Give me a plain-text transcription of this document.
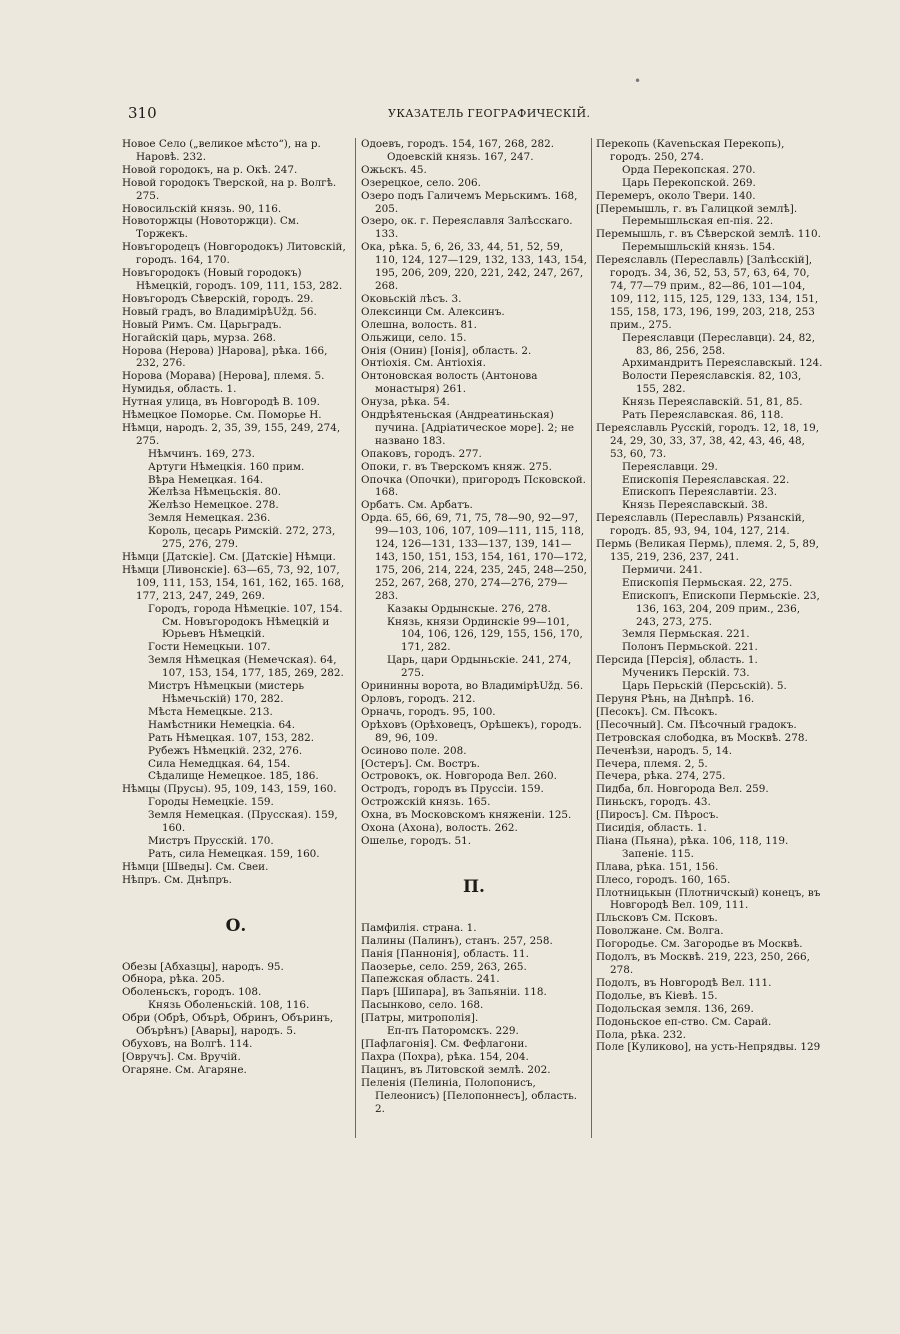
•
310	УКАЗАТЕЛЬ ГЕОГРАФИЧЕСКІЙ.

Новое Село („великое мѣсто“), на р. Наровѣ. 232.

Новой городокъ, на р. Окѣ. 247.

Новой городокъ Тверской, на р. Волгѣ. 275.

Новосильскій князь. 90, 116.

Новоторжцы (Новоторжци). См. Торжекъ.

Новъгородецъ (Новгородокъ) Литовскій, городъ. 164, 170.

Новъгородокъ (Новый городокъ) Нѣмецкій, городъ. 109, 111, 153, 282.

Новъгородъ Сѣверскій, городъ. 29.

Новый градъ, во ВладимірѣUžд. 56.

Новый Римъ. См. Царьградъ.

Ногайскій царь, мурза. 268.

Норова (Нерова) ]Нарова], рѣка. 166, 232, 276.

Норова (Морава) [Нерова], племя. 5.

Нумидья, область. 1.

Нутная улица, въ Новгородѣ В. 109.

Нѣмецкое Поморье. См. Поморье Н.

Нѣмци, народъ. 2, 35, 39, 155, 249, 274, 275.

Нѣмчинъ. 169, 273.

Артуги Нѣмецкія. 160 прим.

Вѣра Немецкая. 164.

Желѣза Нѣмецьскія. 80.

Желѣзо Немецкое. 278.

Земля Немецкая. 236.

Король, цесарь Римскій. 272, 273, 275, 276, 279.

Нѣмци [Датскіе]. См. [Датскіе] Нѣмци.

Нѣмци [Ливонскіе]. 63—65, 73, 92, 107, 109, 111, 153, 154, 161, 162, 165. 168, 177, 213, 247, 249, 269.

Городъ, города Нѣмецкіе. 107, 154. См. Новъгородокъ Нѣмецкій и Юрьевъ Нѣмецкій.

Гости Немецкыи. 107.

Земля Нѣмецкая (Немечская). 64, 107, 153, 154, 177, 185, 269, 282.

Мистръ Нѣмецкыи (мистерь Нѣмечьскій) 170, 282.

Мѣста Немецкые. 213.

Намѣстники Немецкіа. 64.

Рать Нѣмецкая. 107, 153, 282.

Рубежъ Нѣмецкій. 232, 276.

Сила Немедцкая. 64, 154.

Сѣдалище Немецкое. 185, 186.

Нѣмцы (Прусы). 95, 109, 143, 159, 160.

Городы Немецкіе. 159.

Земля Немецкая. (Прусская). 159, 160.

Мистръ Прусскій. 170.

Рать, сила Немецкая. 159, 160.

Нѣмци [Шведы]. См. Свеи.

Нѣпръ. См. Днѣпръ.

О.

Обезы [Абхазцы], народъ. 95.

Обнора, рѣка. 205.

Оболеньскъ, городъ. 108.

Князь Оболеньскій. 108, 116.

Обри (Обрѣ, Обърѣ, Обринъ, Объринъ, Обърѣнъ) [Авары], народъ. 5.

Обуховъ, на Волгѣ. 114.

[Овручъ]. См. Вручій.

Огаряне. См. Агаряне.

Одоевъ, городъ. 154, 167, 268, 282.

Одоевскій князь. 167, 247.

Ожьскъ. 45.

Озерецкое, село. 206.

Озеро подъ Галичемъ Мерьскимъ. 168, 205.

Озеро, ок. г. Переяславля Залѣсскаго. 133.

Ока, рѣка. 5, 6, 26, 33, 44, 51, 52, 59, 110, 124, 127—129, 132, 133, 143, 154, 195, 206, 209, 220, 221, 242, 247, 267, 268.

Оковьскій лѣсъ. 3.

Олексинци См. Алексинъ.

Олешна, волость. 81.

Ольжици, село. 15.

Онія (Онин) [Іонія], область. 2.

Онтіохія. См. Антіохія.

Онтоновская волость (Антонова монастыря) 261.

Онуза, рѣка. 54.

Ондрѣятеньская (Андреатиньская) пучина. [Адріатическое море]. 2; не названо 183.

Опаковъ, городъ. 277.

Опоки, г. въ Тверскомъ княж. 275.

Опочка (Опочки), пригородъ Псковской. 168.

Орбатъ. См. Арбатъ.

Орда. 65, 66, 69, 71, 75, 78—90, 92—97, 99—103, 106, 107, 109—111, 115, 118, 124, 126—131, 133—137, 139, 141—143, 150, 151, 153, 154, 161, 170—172, 175, 206, 214, 224, 235, 245, 248—250, 252, 267, 268, 270, 274—276, 279—283.

Казакы Ордынскые. 276, 278.

Князь, князи Ординскіе 99—101, 104, 106, 126, 129, 155, 156, 170, 171, 282.

Царь, цари Ордыньскіе. 241, 274, 275.

Орининны ворота, во ВладимірѣUžд. 56.

Орловъ, городъ. 212.

Орначь, городъ. 95, 100.

Орѣховъ (Орѣховецъ, Орѣшекъ), городъ. 89, 96, 109.

Осиново поле. 208.

[Остеръ]. См. Востръ.

Островокъ, ок. Новгорода Вел. 260.

Остродъ, городъ въ Пруссіи. 159.

Острожскій князь. 165.

Охна, въ Московскомъ княженіи. 125.

Охона (Ахона), волость. 262.

Ошелье, городъ. 51.

П.

Памфилія. страна. 1.

Палины (Палинъ), станъ. 257, 258.

Панія [Паннонія], область. 11.

Паозерье, село. 259, 263, 265.

Папежская область. 241.

Паръ [Шипара], въ Запьяніи. 118.

Пасынково, село. 168.

[Патры, митрополія].

Еп-пъ Паторомскъ. 229.

[Пафлагонія]. См. Фефлагони.

Пахра (Похра), рѣка. 154, 204.

Пацинъ, въ Литовской землѣ. 202.

Пеленія (Пелиніа, Полопонисъ, Пелеонисъ) [Пелопоннесъ], область. 2.

Перекопь (Каvenьская Перекопь), городъ. 250, 274.

Орда Перекопская. 270.

Царь Перекопской. 269.

Перемеръ, около Твери. 140.

[Перемышль, г. въ Галицкой землѣ].

Перемышльская еп-пія. 22.

Перемышль, г. въ Сѣверской землѣ. 110.

Перемышльскій князь. 154.

Переяславль (Переславль) [Залѣсскій], городъ. 34, 36, 52, 53, 57, 63, 64, 70, 74, 77—79 прим., 82—86, 101—104, 109, 112, 115, 125, 129, 133, 134, 151, 155, 158, 173, 196, 199, 203, 218, 253 прим., 275.

Переяславци (Переславци). 24, 82, 83, 86, 256, 258.

Архимандритъ Переяславскый. 124.

Волости Переяславскія. 82, 103, 155, 282.

Князь Переяславскій. 51, 81, 85.

Рать Переяславская. 86, 118.

Переяславль Русскій, городъ. 12, 18, 19, 24, 29, 30, 33, 37, 38, 42, 43, 46, 48, 53, 60, 73.

Переяславци. 29.

Епископія Переяславская. 22.

Епископъ Переяславтіи. 23.

Князь Переяславскый. 38.

Переяславль (Переславль) Рязанскій, городъ. 85, 93, 94, 104, 127, 214.

Пермь (Великая Пермь), племя. 2, 5, 89, 135, 219, 236, 237, 241.

Пермичи. 241.

Епископія Пермьская. 22, 275.

Епископъ, Епископи Пермьскіе. 23, 136, 163, 204, 209 прим., 236, 243, 273, 275.

Земля Пермьская. 221.

Полонъ Пермьской. 221.

Персида [Персія], область. 1.

Мученикъ Перскій. 73.

Царь Перьскій (Персьскій). 5.

Перуня Рѣнь, на Днѣпрѣ. 16.

[Песокъ]. См. Пѣсокъ.

[Песочный]. См. Пѣсочный градокъ.

Петровская слободка, въ Москвѣ. 278.

Печенѣзи, народъ. 5, 14.

Печера, племя. 2, 5.

Печера, рѣка. 274, 275.

Пидба, бл. Новгорода Вел. 259.

Пиньскъ, городъ. 43.

[Пиросъ]. См. Пѣросъ.

Писидія, область. 1.

Піана (Пьяна), рѣка. 106, 118, 119.

Запеніе. 115.

Плава, рѣка. 151, 156.

Плесо, городъ. 160, 165.

Плотницькын (Плотничскый) конецъ, въ Новгородѣ Вел. 109, 111.

Пльсковъ См. Псковъ.

Поволжане. См. Волга.

Погородье. См. Загородье въ Москвѣ.

Подолъ, въ Москвѣ. 219, 223, 250, 266, 278.

Подолъ, въ Новгородѣ Вел. 111.

Подолье, въ Кіевѣ. 15.

Подольская земля. 136, 269.

Подоньское еп-ство. См. Сарай.

Пола, рѣка. 232.

Поле [Куликово], на усть-Непрядвы. 129
